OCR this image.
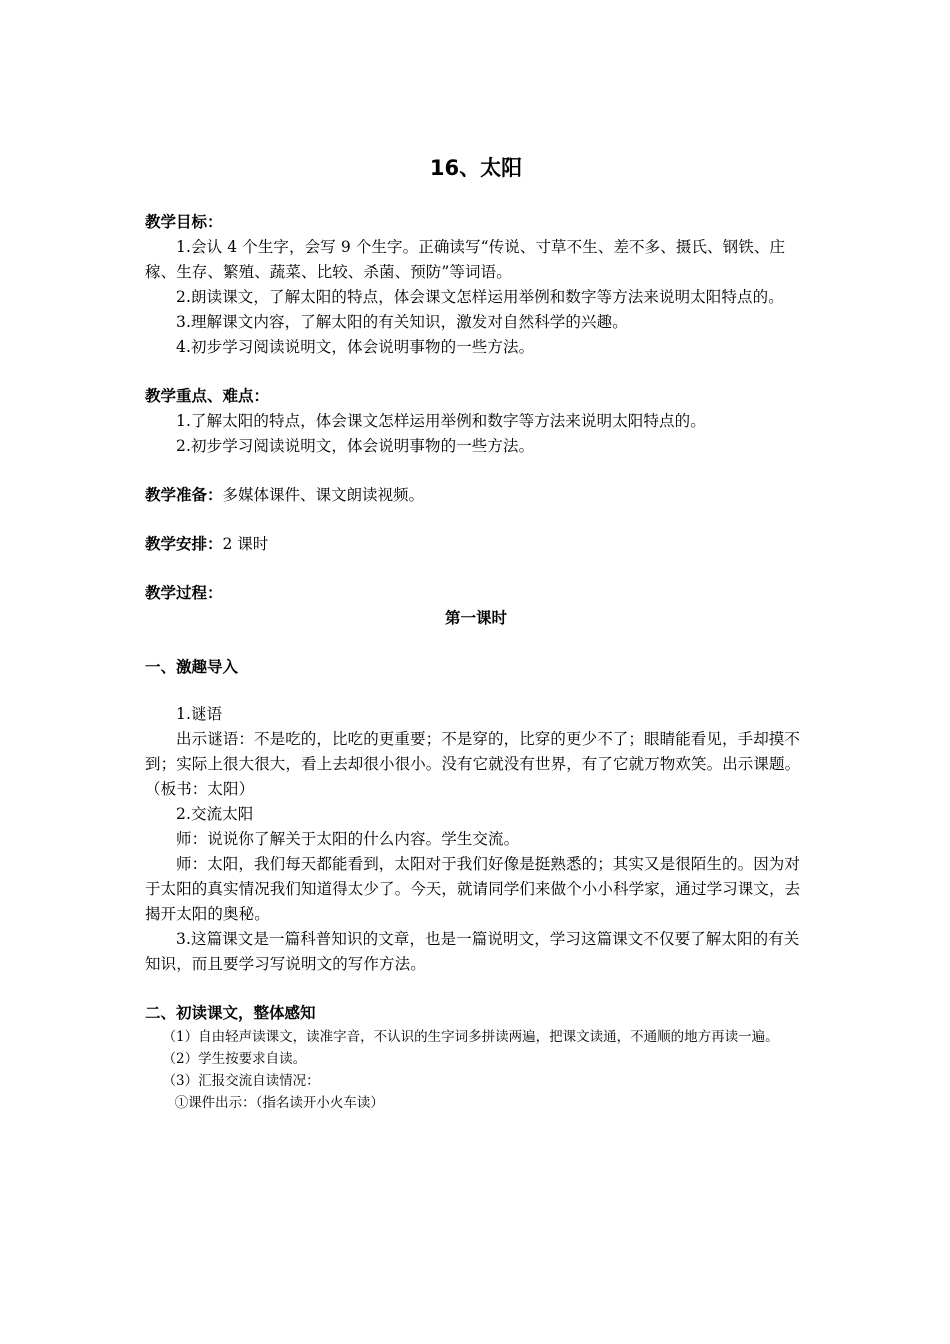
16、太阳

教学目标：

1.会认 4 个生字，会写 9 个生字。正确读写“传说、寸草不生、差不多、摄氏、钢铁、庄稼、生存、繁殖、蔬菜、比较、杀菌、预防”等词语。

2.朗读课文，了解太阳的特点，体会课文怎样运用举例和数字等方法来说明太阳特点的。

3.理解课文内容，了解太阳的有关知识，激发对自然科学的兴趣。

4.初步学习阅读说明文，体会说明事物的一些方法。

教学重点、难点：

1.了解太阳的特点，体会课文怎样运用举例和数字等方法来说明太阳特点的。

2.初步学习阅读说明文，体会说明事物的一些方法。

教学准备：多媒体课件、课文朗读视频。

教学安排：2 课时

教学过程：

第一课时

一、激趣导入

1.谜语

出示谜语：不是吃的，比吃的更重要；不是穿的，比穿的更少不了；眼睛能看见，手却摸不到；实际上很大很大，看上去却很小很小。没有它就没有世界，有了它就万物欢笑。出示课题。（板书：太阳）

2.交流太阳

师：说说你了解关于太阳的什么内容。学生交流。

师：太阳，我们每天都能看到，太阳对于我们好像是挺熟悉的；其实又是很陌生的。因为对于太阳的真实情况我们知道得太少了。今天，就请同学们来做个小小科学家，通过学习课文，去揭开太阳的奥秘。

3.这篇课文是一篇科普知识的文章，也是一篇说明文，学习这篇课文不仅要了解太阳的有关知识，而且要学习写说明文的写作方法。

二、初读课文，整体感知

（1）自由轻声读课文，读准字音，不认识的生字词多拼读两遍，把课文读通，不通顺的地方再读一遍。

（2）学生按要求自读。

（3）汇报交流自读情况：

①课件出示：（指名读开小火车读）
